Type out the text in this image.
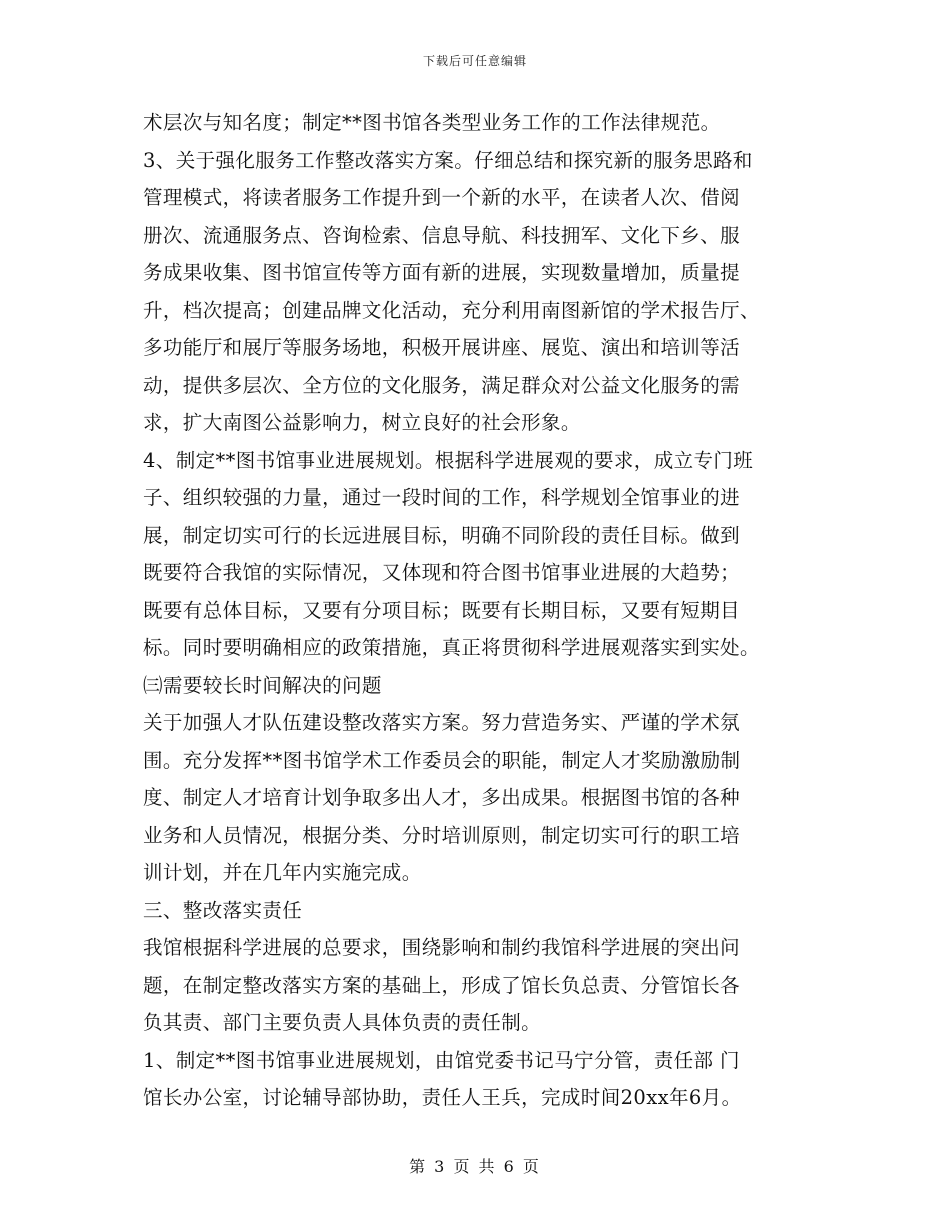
下载后可任意编辑
术层次与知名度；制定**图书馆各类型业务工作的工作法律规范。
3、关于强化服务工作整改落实方案。仔细总结和探究新的服务思路和
管理模式，将读者服务工作提升到一个新的水平，在读者人次、借阅
册次、流通服务点、咨询检索、信息导航、科技拥军、文化下乡、服
务成果收集、图书馆宣传等方面有新的进展，实现数量增加，质量提
升，档次提高；创建品牌文化活动，充分利用南图新馆的学术报告厅、
多功能厅和展厅等服务场地，积极开展讲座、展览、演出和培训等活
动，提供多层次、全方位的文化服务，满足群众对公益文化服务的需
求，扩大南图公益影响力，树立良好的社会形象。
4、制定**图书馆事业进展规划。根据科学进展观的要求，成立专门班
子、组织较强的力量，通过一段时间的工作，科学规划全馆事业的进
展，制定切实可行的长远进展目标，明确不同阶段的责任目标。做到
既要符合我馆的实际情况，又体现和符合图书馆事业进展的大趋势；
既要有总体目标，又要有分项目标；既要有长期目标，又要有短期目
标。同时要明确相应的政策措施，真正将贯彻科学进展观落实到实处。
㈢需要较长时间解决的问题
关于加强人才队伍建设整改落实方案。努力营造务实、严谨的学术氛
围。充分发挥**图书馆学术工作委员会的职能，制定人才奖励激励制
度、制定人才培育计划争取多出人才，多出成果。根据图书馆的各种
业务和人员情况，根据分类、分时培训原则，制定切实可行的职工培
训计划，并在几年内实施完成。
三、整改落实责任
我馆根据科学进展的总要求，围绕影响和制约我馆科学进展的突出问
题，在制定整改落实方案的基础上，形成了馆长负总责、分管馆长各
负其责、部门主要负责人具体负责的责任制。
1、制定**图书馆事业进展规划，由馆党委书记马宁分管，责任部 门
馆长办公室，讨论辅导部协助，责任人王兵，完成时间20xx年6月。
第 3 页 共 6 页
